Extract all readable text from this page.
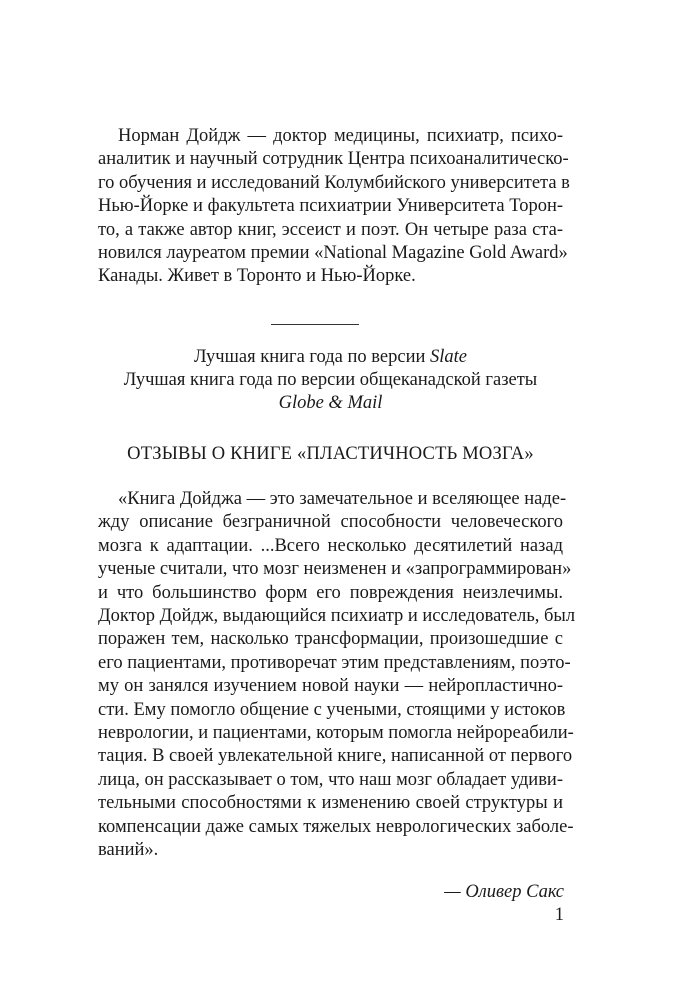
Норман Дойдж — доктор медицины, психиатр, психо-
аналитик и научный сотрудник Центра психоаналитическо-
го обучения и исследований Колумбийского университета в
Нью-Йорке и факультета психиатрии Университета Торон-
то, а также автор книг, эссеист и поэт. Он четыре раза ста-
новился лауреатом премии «National Magazine Gold Award»
Канады. Живет в Торонто и Нью-Йорке.
Лучшая книга года по версии Slate
Лучшая книга года по версии общеканадской газеты
Globe & Mail
ОТЗЫВЫ О КНИГЕ «ПЛАСТИЧНОСТЬ МОЗГА»
«Книга Дойджа — это замечательное и вселяющее наде-
жду описание безграничной способности человеческого
мозга к адаптации. ...Всего несколько десятилетий назад
ученые считали, что мозг неизменен и «запрограммирован»
и что большинство форм его повреждения неизлечимы.
Доктор Дойдж, выдающийся психиатр и исследователь, был
поражен тем, насколько трансформации, произошедшие с
его пациентами, противоречат этим представлениям, поэто-
му он занялся изучением новой науки — нейропластично-
сти. Ему помогло общение с учеными, стоящими у истоков
неврологии, и пациентами, которым помогла нейрореабили-
тация. В своей увлекательной книге, написанной от первого
лица, он рассказывает о том, что наш мозг обладает удиви-
тельными способностями к изменению своей структуры и
компенсации даже самых тяжелых неврологических заболе-
ваний».
— Оливер Сакс
1
